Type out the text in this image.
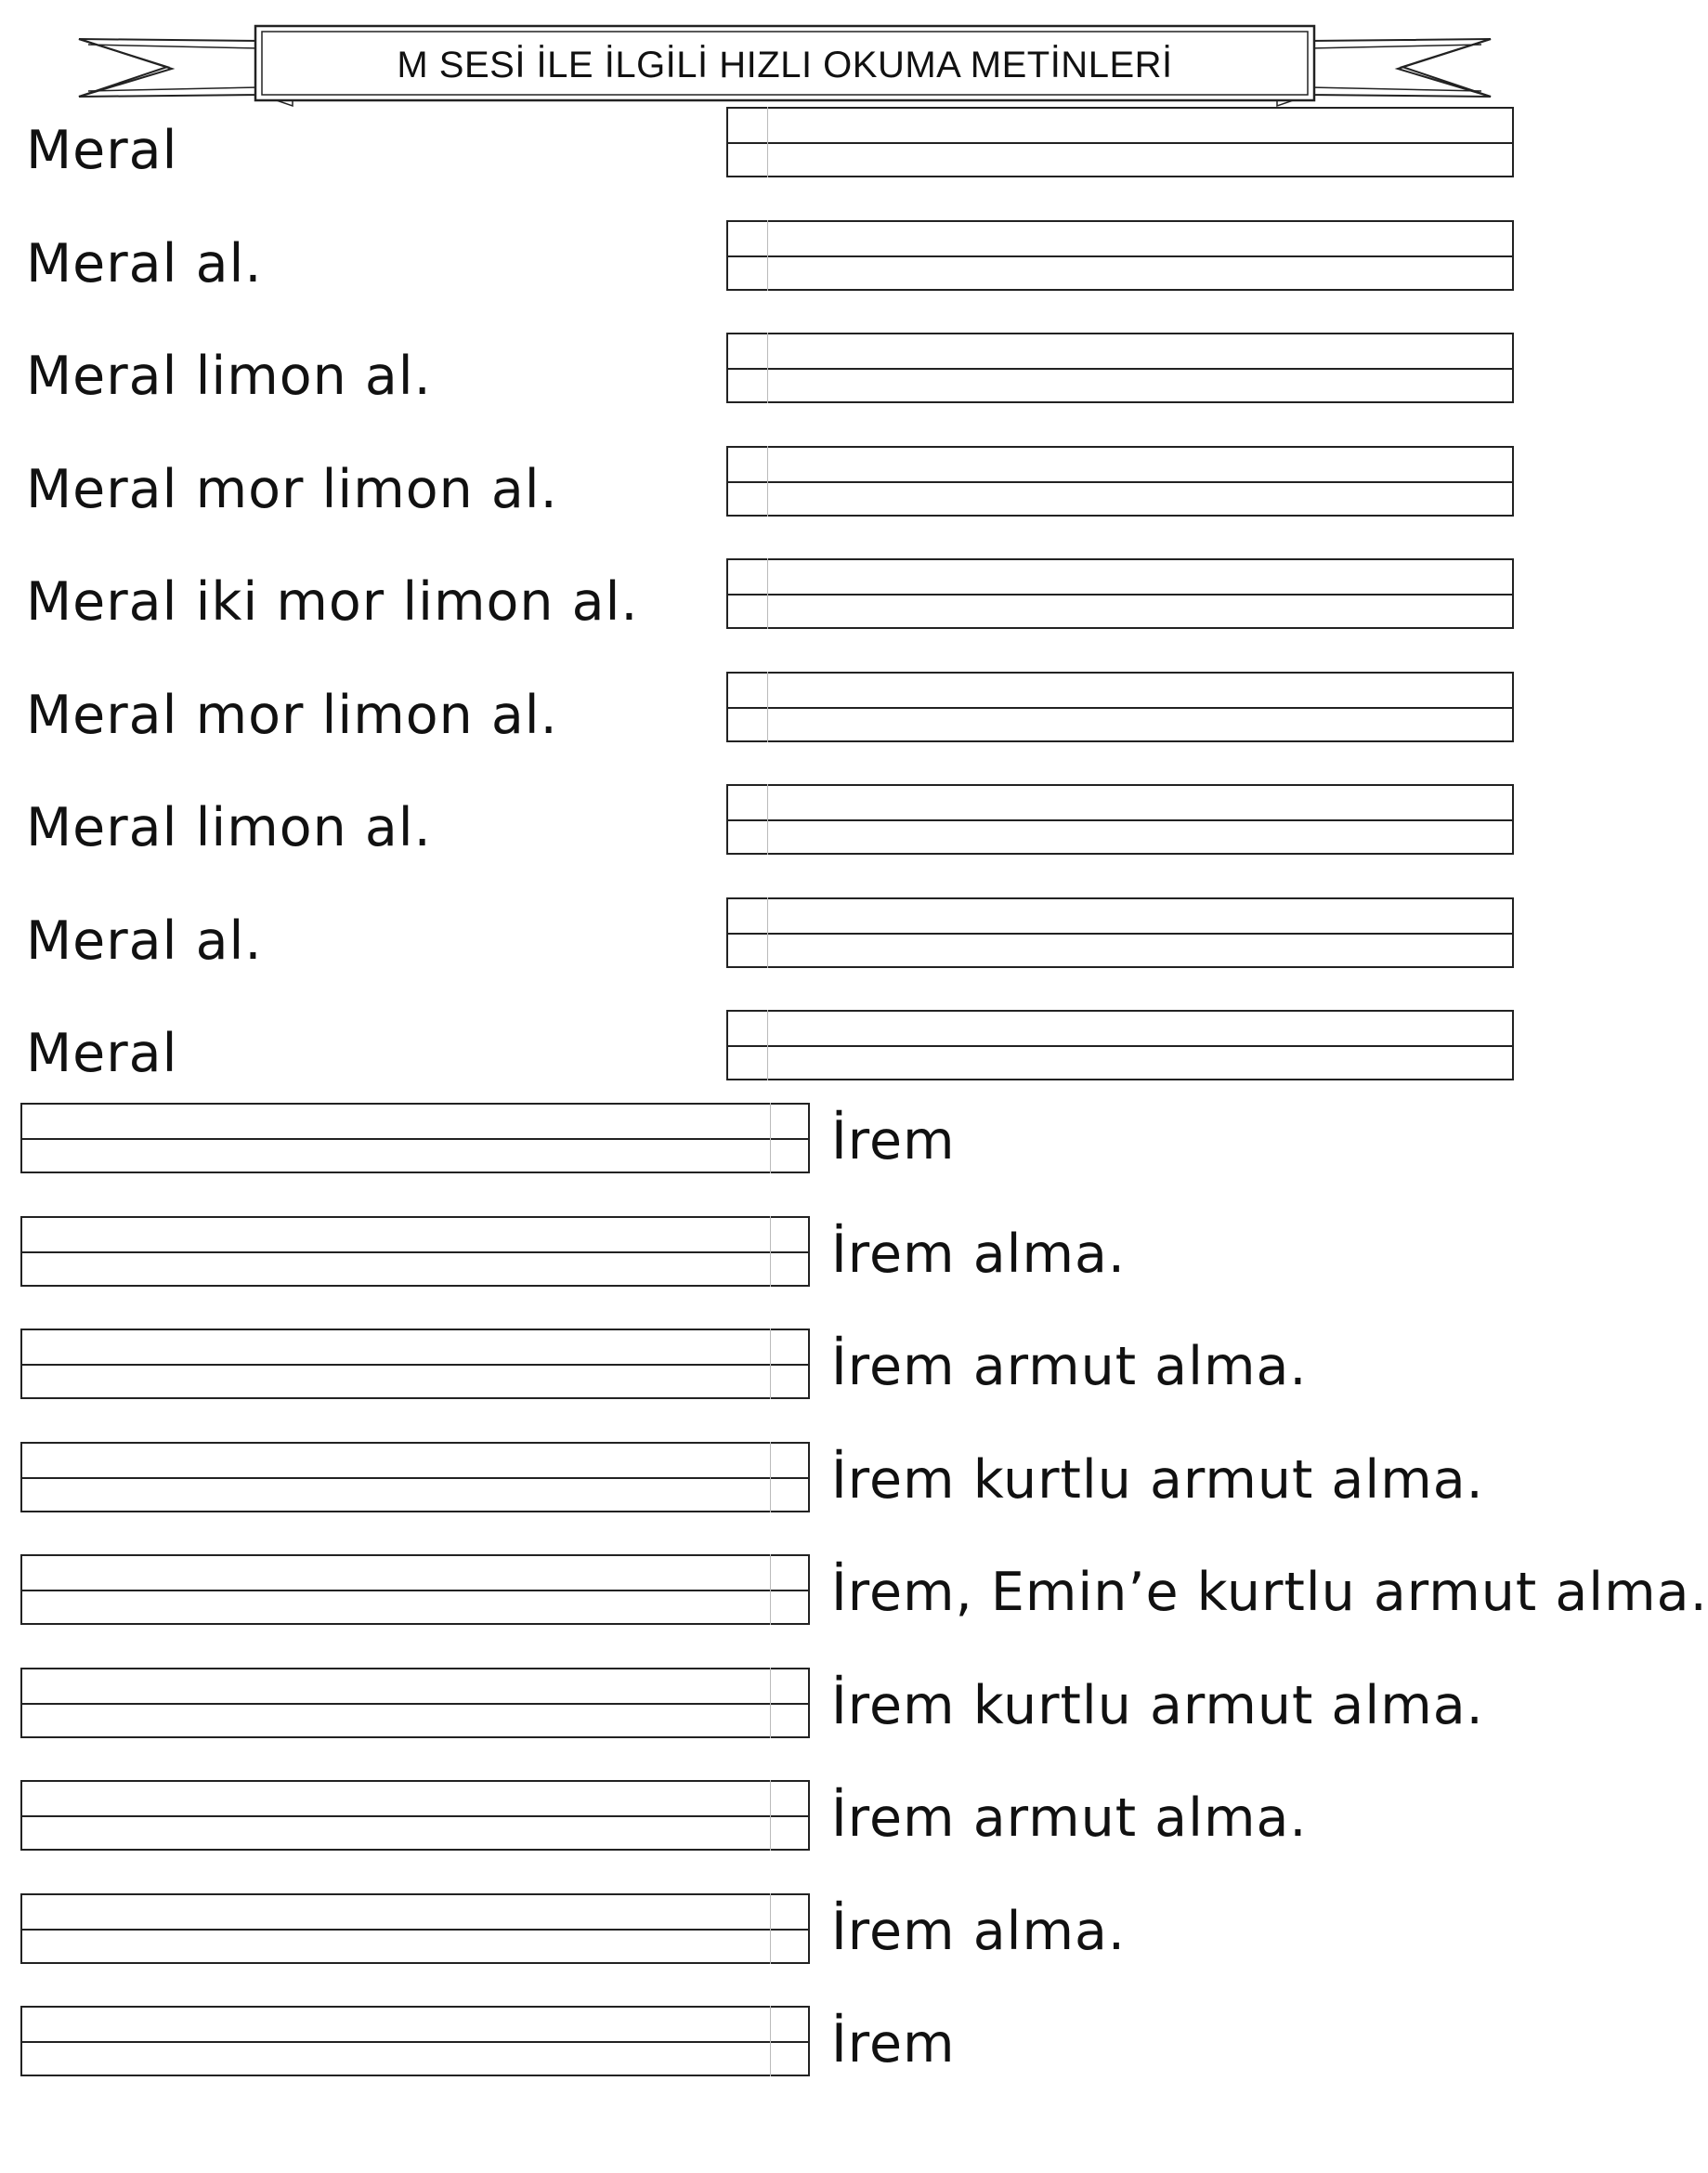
M SESİ İLE İLGİLİ HIZLI OKUMA METİNLERİ
Meral
Meral al.
Meral limon al.
Meral mor limon al.
Meral iki mor limon al.
Meral mor limon al.
Meral limon al.
Meral al.
Meral
İrem
İrem alma.
İrem armut alma.
İrem kurtlu armut alma.
İrem, Emin’e kurtlu armut alma.
İrem kurtlu armut alma.
İrem armut alma.
İrem alma.
İrem
